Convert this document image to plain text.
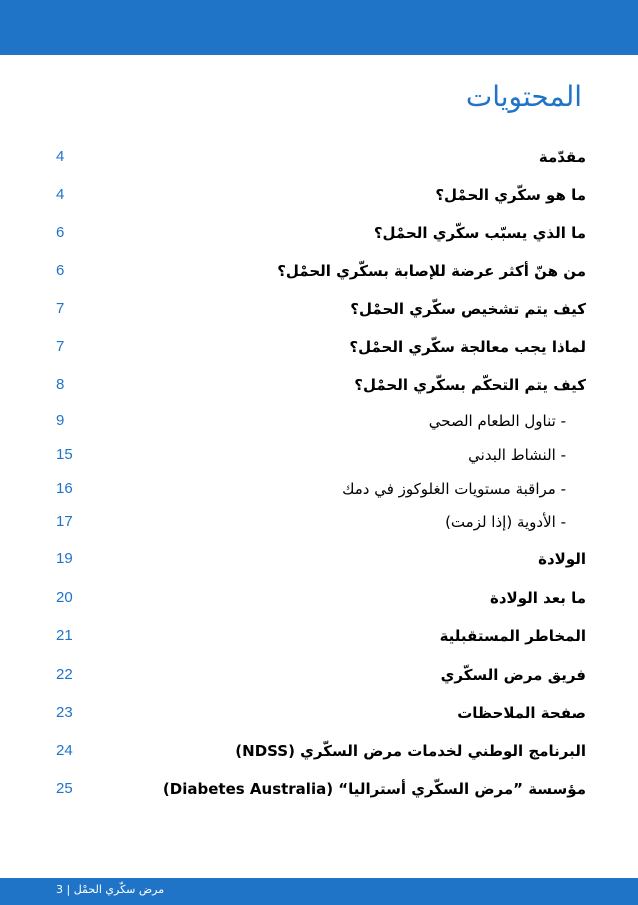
المحتويات
مقدّمة
4
ما هو سكّري الحمْل؟
4
ما الذي يسبّب سكّري الحمْل؟
6
من هنّ أكثر عرضة للإصابة بسكّري الحمْل؟
6
كيف يتم تشخيص سكّري الحمْل؟
7
لماذا يجب معالجة سكّري الحمْل؟
7
كيف يتم التحكّم بسكّري الحمْل؟
8
- تناول الطعام الصحي
9
- النشاط البدني
15
- مراقبة مستويات الغلوكوز في دمك
16
- الأدوية (إذا لزمت)
17
الولادة
19
ما بعد الولادة
20
المخاطر المستقبلية
21
فريق مرض السكّري
22
صفحة الملاحظات
23
البرنامج الوطني لخدمات مرض السكّري (NDSS)
24
مؤسسة ”مرض السكّري أستراليا“ (Diabetes Australia)
25
مرض سكّري الحمْل | 3
